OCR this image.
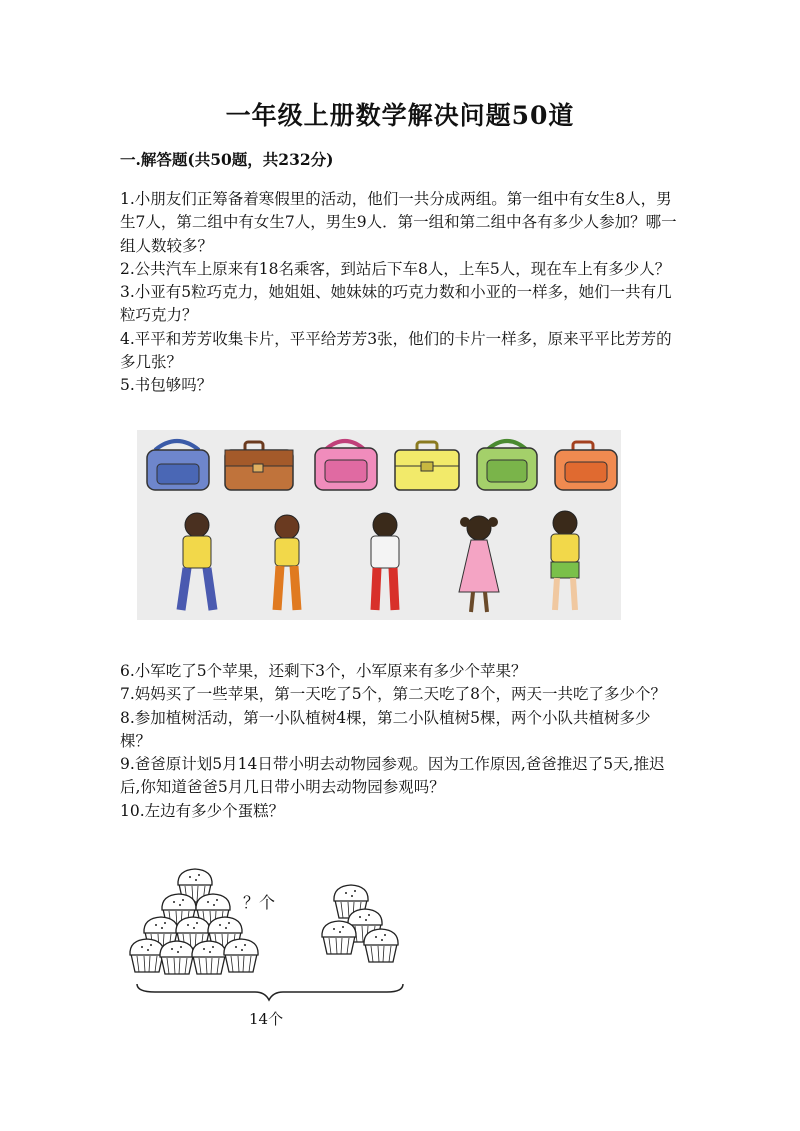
一年级上册数学解决问题50道

一.解答题(共50题，共232分)

1.小朋友们正筹备着寒假里的活动，他们一共分成两组。第一组中有女生8人，男生7人，第二组中有女生7人，男生9人．第一组和第二组中各有多少人参加？哪一组人数较多？
2.公共汽车上原来有18名乘客，到站后下车8人，上车5人，现在车上有多少人？
3.小亚有5粒巧克力，她姐姐、她妹妹的巧克力数和小亚的一样多，她们一共有几粒巧克力？
4.平平和芳芳收集卡片，平平给芳芳3张，他们的卡片一样多，原来平平比芳芳的多几张？
5.书包够吗？
6.小军吃了5个苹果，还剩下3个，小军原来有多少个苹果？
7.妈妈买了一些苹果，第一天吃了5个，第二天吃了8个，两天一共吃了多少个？
8.参加植树活动，第一小队植树4棵，第二小队植树5棵，两个小队共植树多少棵？
9.爸爸原计划5月14日带小明去动物园参观。因为工作原因,爸爸推迟了5天,推迟后,你知道爸爸5月几日带小明去动物园参观吗？
10.左边有多少个蛋糕？
？个
14个
